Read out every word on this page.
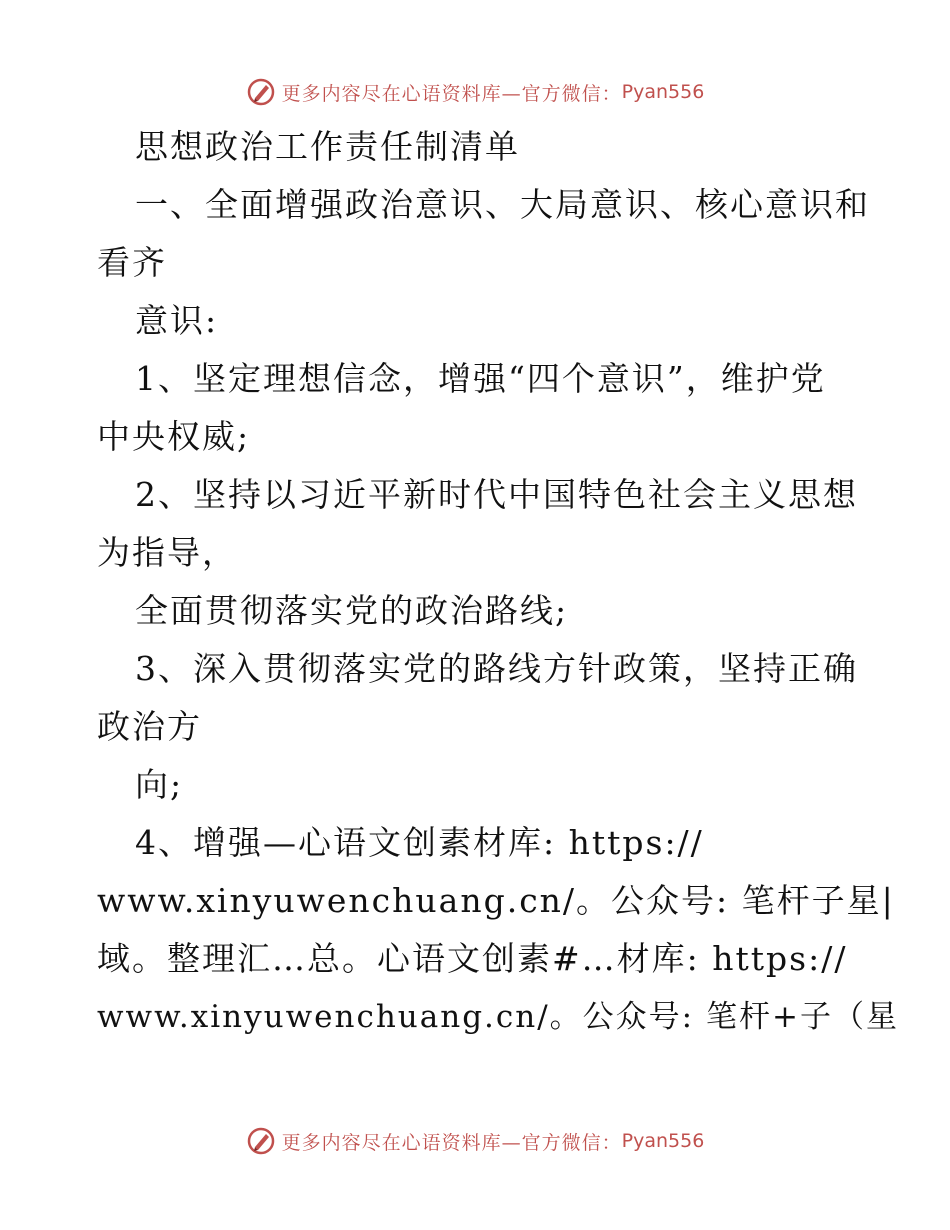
更多内容尽在心语资料库—官方微信： Pyan556
思想政治工作责任制清单
一、全面增强政治意识、大局意识、核心意识和
看齐
意识:
1、坚定理想信念，增强“四个意识”，维护党
中央权威;
2、坚持以习近平新时代中国特色社会主义思想
为指导，
全面贯彻落实党的政治路线;
3、深入贯彻落实党的路线方针政策，坚持正确
政治方
向;
4、增强—心语文创素材库: https://
www.xinyuwenchuang.cn/。公众号: 笔杆子星|
域。整理汇…总。心语文创素#…材库: https://
www.xinyuwenchuang.cn/。公众号: 笔杆+子（星
更多内容尽在心语资料库—官方微信： Pyan556
